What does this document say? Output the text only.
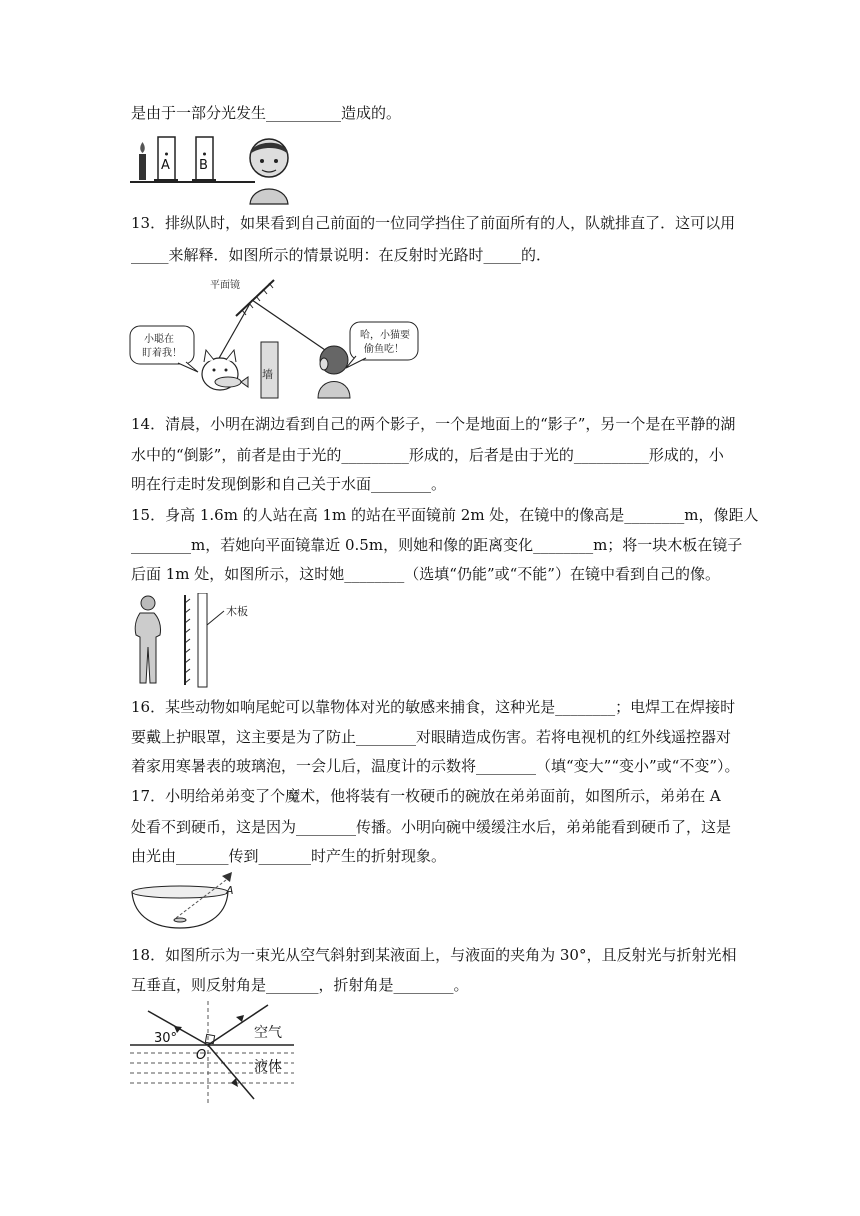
是由于一部分光发生__________造成的。
A B
13．排纵队时，如果看到自己前面的一位同学挡住了前面所有的人，队就排直了．这可以用
_____来解释．如图所示的情景说明：在反射时光路时_____的．
平面镜
小聪在
盯着我！
墙
哈，小猫要
偷鱼吃！
14．清晨，小明在湖边看到自己的两个影子，一个是地面上的“影子”，另一个是在平静的湖
水中的“倒影”，前者是由于光的_________形成的，后者是由于光的__________形成的，小
明在行走时发现倒影和自己关于水面________。
15．身高 1.6m 的人站在高 1m 的站在平面镜前 2m 处，在镜中的像高是________m，像距人
________m，若她向平面镜靠近 0.5m，则她和像的距离变化________m；将一块木板在镜子
后面 1m 处，如图所示，这时她________（选填“仍能”或“不能”）在镜中看到自己的像。
木板
16．某些动物如响尾蛇可以靠物体对光的敏感来捕食，这种光是________；电焊工在焊接时
要戴上护眼罩，这主要是为了防止________对眼睛造成伤害。若将电视机的红外线遥控器对
着家用寒暑表的玻璃泡，一会儿后，温度计的示数将________（填“变大”“变小”或“不变”）。
17．小明给弟弟变了个魔术，他将装有一枚硬币的碗放在弟弟面前，如图所示，弟弟在 A
处看不到硬币，这是因为________传播。小明向碗中缓缓注水后，弟弟能看到硬币了，这是
由光由_______传到_______时产生的折射现象。
A
18．如图所示为一束光从空气斜射到某液面上，与液面的夹角为 30°，且反射光与折射光相
互垂直，则反射角是_______，折射角是________。
30°
O
空气
液体
